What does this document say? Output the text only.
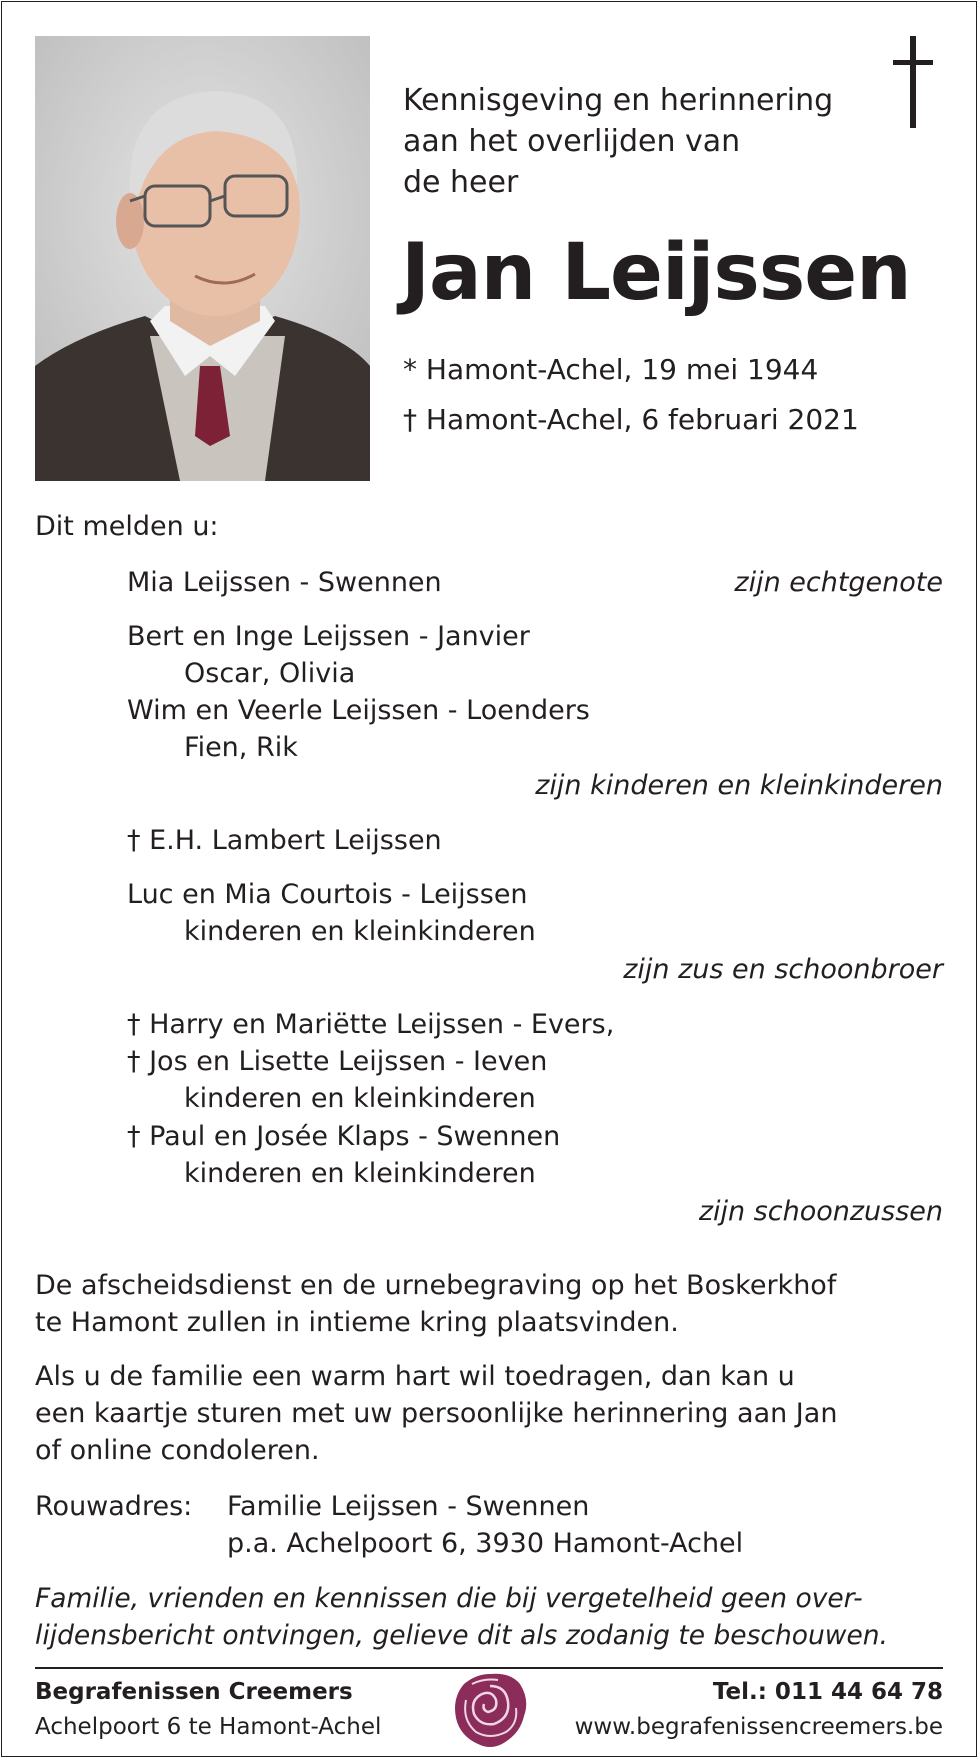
Kennisgeving en herinnering
aan het overlijden van
de heer
Jan Leijssen
* Hamont-Achel, 19 mei 1944
† Hamont-Achel, 6 februari 2021
Dit melden u:
Mia Leijssen - Swennen	zijn echtgenote
Bert en Inge Leijssen - Janvier
Oscar, Olivia
Wim en Veerle Leijssen - Loenders
Fien, Rik
zijn kinderen en kleinkinderen
† E.H. Lambert Leijssen
Luc en Mia Courtois - Leijssen
kinderen en kleinkinderen
zijn zus en schoonbroer
† Harry en Mariëtte Leijssen - Evers,
† Jos en Lisette Leijssen - Ieven
kinderen en kleinkinderen
† Paul en Josée Klaps - Swennen
kinderen en kleinkinderen
zijn schoonzussen
De afscheidsdienst en de urnebegraving op het Boskerkhof
te Hamont zullen in intieme kring plaatsvinden.
Als u de familie een warm hart wil toedragen, dan kan u
een kaartje sturen met uw persoonlijke herinnering aan Jan
of online condoleren.
Rouwadres: Familie Leijssen - Swennen
p.a. Achelpoort 6, 3930 Hamont-Achel
Familie, vrienden en kennissen die bij vergetelheid geen over-
lijdensbericht ontvingen, gelieve dit als zodanig te beschouwen.
Begrafenissen Creemers
Achelpoort 6 te Hamont-Achel
Tel.: 011 44 64 78
www.begrafenissencreemers.be
